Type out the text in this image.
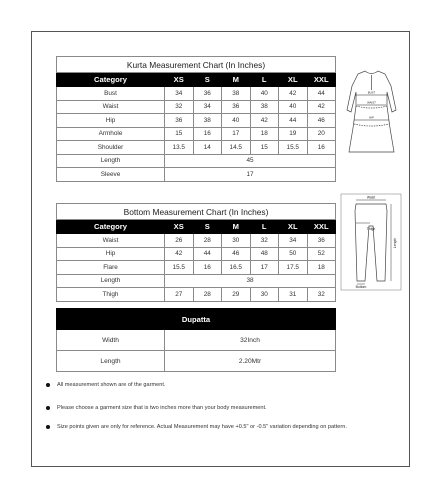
Kurta Measurement Chart (In Inches)						
Category	XS	S	M	L	XL	XXL
Bust	34	36	38	40	42	44
Waist	32	34	36	38	40	42
Hip	36	38	40	42	44	46
Armhole	15	16	17	18	19	20
Shoulder	13.5	14	14.5	15	15.5	16
Length	45					
Sleeve	17					
BUST
WAIST
HIP
Bottom Measurement Chart (In Inches)						
Category	XS	S	M	L	XL	XXL
Waist	26	28	30	32	34	36
Hip	42	44	46	48	50	52
Flare	15.5	16	16.5	17	17.5	18
Length	38					
Thigh	27	28	29	30	31	32
Waist
Thigh
Length
Bottom
Dupatta	
Width	32Inch
Length	2.20Mtr
All measurement shown are of the garment.
Please choose a garment size that is two inches more than your body measurement.
Size points given are only for reference. Actual Measurement may have +0.5" or -0.5" variation depending on pattern.
